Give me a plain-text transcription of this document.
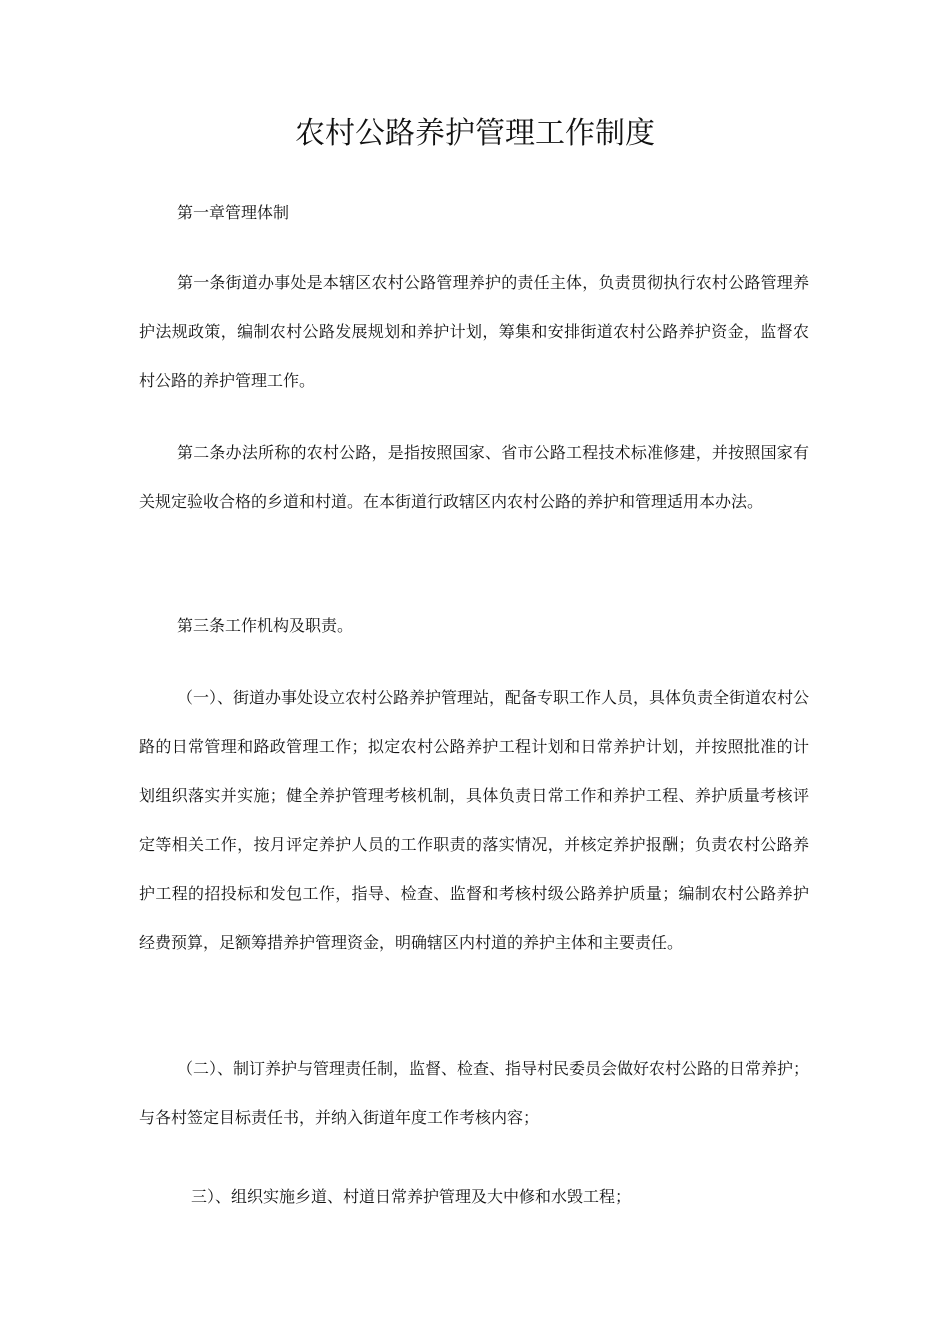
农村公路养护管理工作制度

第一章管理体制

第一条街道办事处是本辖区农村公路管理养护的责任主体，负责贯彻执行农村公路管理养护法规政策，编制农村公路发展规划和养护计划，筹集和安排街道农村公路养护资金，监督农村公路的养护管理工作。

第二条办法所称的农村公路，是指按照国家、省市公路工程技术标准修建，并按照国家有关规定验收合格的乡道和村道。在本街道行政辖区内农村公路的养护和管理适用本办法。

第三条工作机构及职责。

（一）、街道办事处设立农村公路养护管理站，配备专职工作人员，具体负责全街道农村公路的日常管理和路政管理工作；拟定农村公路养护工程计划和日常养护计划，并按照批准的计划组织落实并实施；健全养护管理考核机制，具体负责日常工作和养护工程、养护质量考核评定等相关工作，按月评定养护人员的工作职责的落实情况，并核定养护报酬；负责农村公路养护工程的招投标和发包工作，指导、检查、监督和考核村级公路养护质量；编制农村公路养护经费预算，足额筹措养护管理资金，明确辖区内村道的养护主体和主要责任。

（二）、制订养护与管理责任制，监督、检查、指导村民委员会做好农村公路的日常养护；与各村签定目标责任书，并纳入街道年度工作考核内容；

三）、组织实施乡道、村道日常养护管理及大中修和水毁工程；
